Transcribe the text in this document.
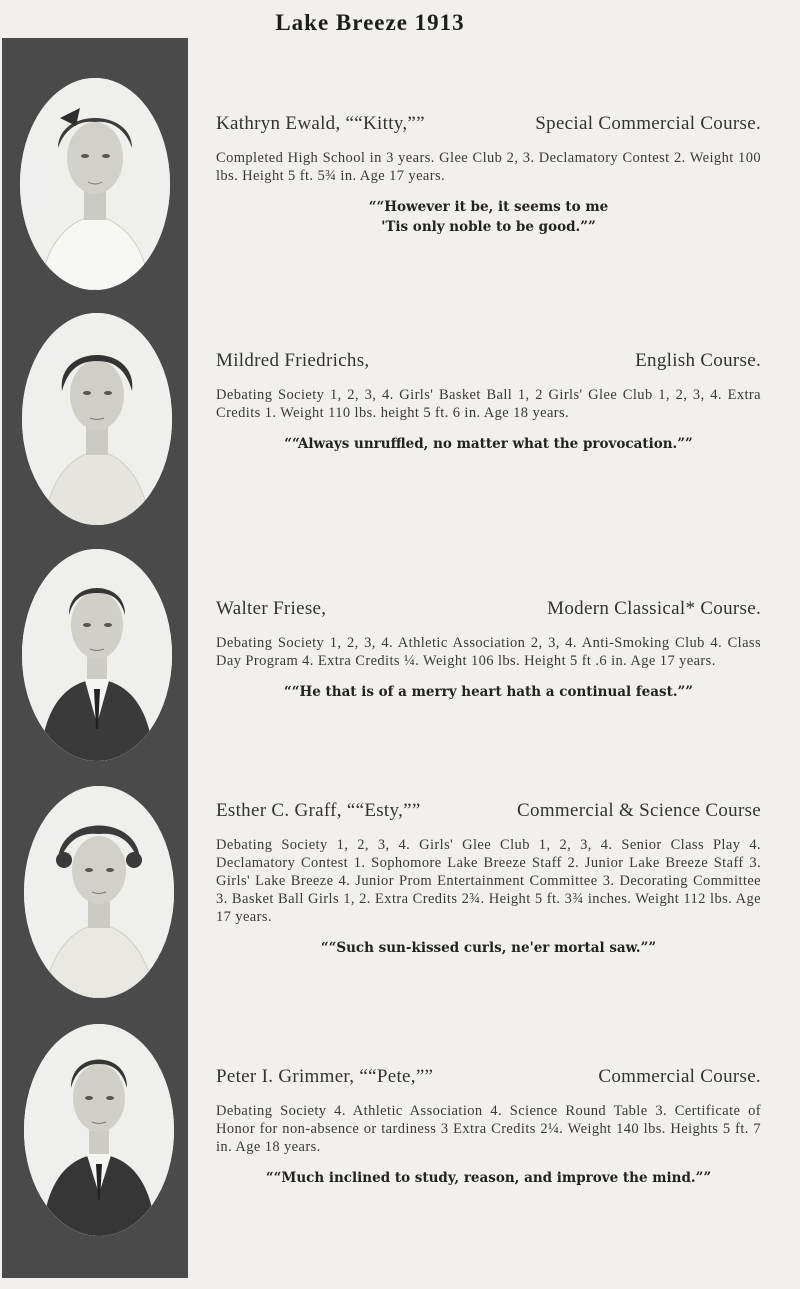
Lake Breeze 1913
Kathryn Ewald, ““Kitty,””	Special Commercial Course.
Completed High School in 3 years. Glee Club 2, 3. Declamatory Contest 2. Weight 100 lbs. Height 5 ft. 5¾ in. Age 17 years.
““However it be, it seems to me
'Tis only noble to be good.””
Mildred Friedrichs,	English Course.
Debating Society 1, 2, 3, 4. Girls' Basket Ball 1, 2 Girls' Glee Club 1, 2, 3, 4. Extra Credits 1. Weight 110 lbs. height 5 ft. 6 in. Age 18 years.
““Always unruffled, no matter what the provocation.””
Walter Friese,	Modern Classical* Course.
Debating Society 1, 2, 3, 4. Athletic Association 2, 3, 4. Anti-Smoking Club 4. Class Day Program 4. Extra Credits ¼. Weight 106 lbs. Height 5 ft .6 in. Age 17 years.
““He that is of a merry heart hath a continual feast.””
Esther C. Graff, ““Esty,””	Commercial & Science Course
Debating Society 1, 2, 3, 4. Girls' Glee Club 1, 2, 3, 4. Senior Class Play 4. Declamatory Contest 1. Sophomore Lake Breeze Staff 2. Junior Lake Breeze Staff 3. Girls' Lake Breeze 4. Junior Prom Entertainment Committee 3. Decorating Committee 3. Basket Ball Girls 1, 2. Extra Credits 2¾. Height 5 ft. 3¾ inches. Weight 112 lbs. Age 17 years.
““Such sun-kissed curls, ne'er mortal saw.””
Peter I. Grimmer, ““Pete,””	Commercial Course.
Debating Society 4. Athletic Association 4. Science Round Table 3. Certificate of Honor for non-absence or tardiness 3 Extra Credits 2¼. Weight 140 lbs. Heights 5 ft. 7 in. Age 18 years.
““Much inclined to study, reason, and improve the mind.””
